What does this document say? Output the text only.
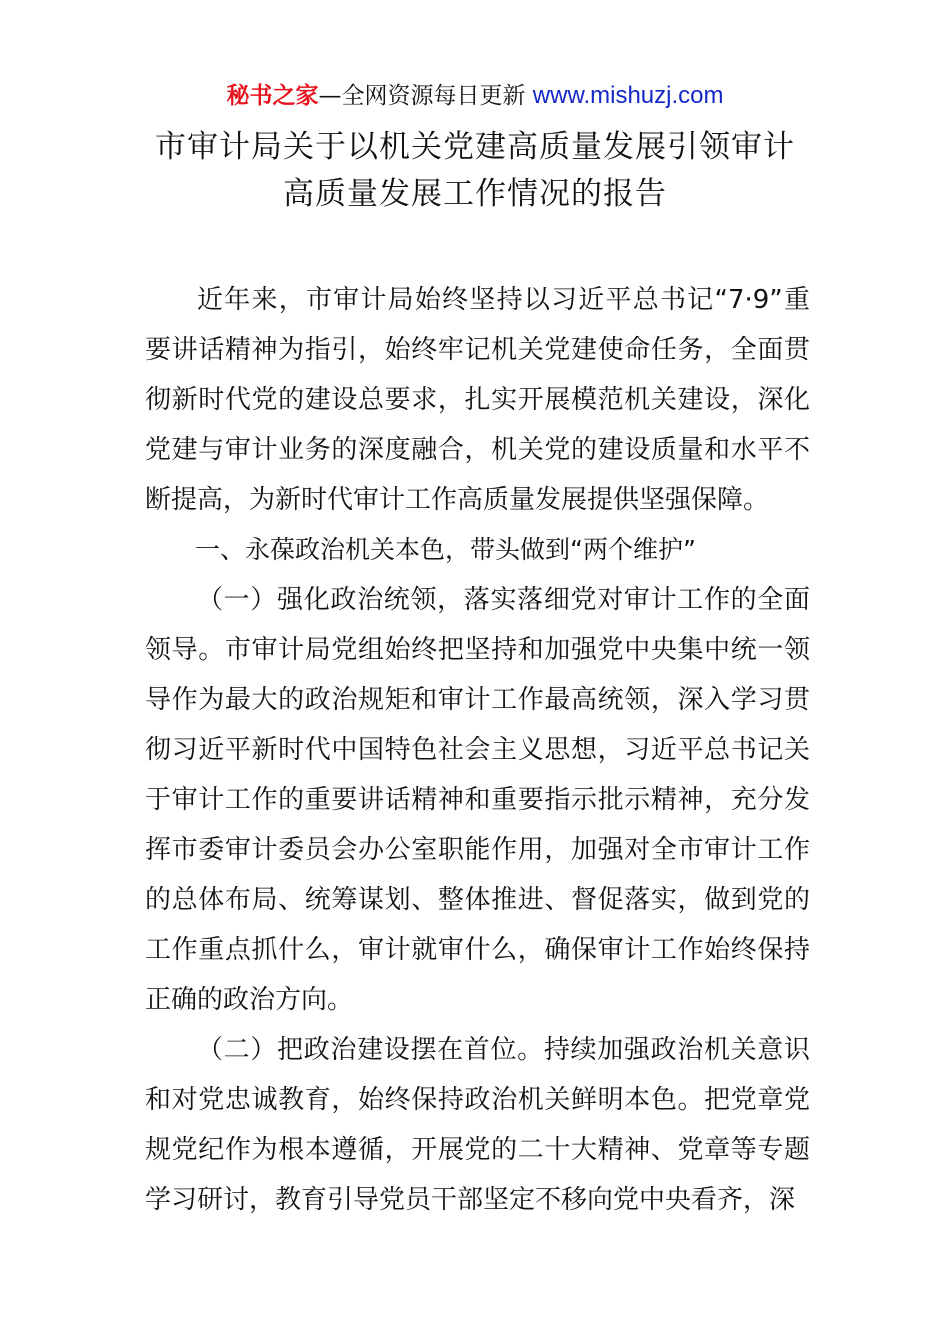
秘书之家—全网资源每日更新 www.mishuzj.com
市审计局关于以机关党建高质量发展引领审计
高质量发展工作情况的报告

近年来，市审计局始终坚持以习近平总书记“7·9”重要讲话精神为指引，始终牢记机关党建使命任务，全面贯彻新时代党的建设总要求，扎实开展模范机关建设，深化党建与审计业务的深度融合，机关党的建设质量和水平不断提高，为新时代审计工作高质量发展提供坚强保障。

一、永葆政治机关本色，带头做到“两个维护”

（一）强化政治统领，落实落细党对审计工作的全面领导。市审计局党组始终把坚持和加强党中央集中统一领导作为最大的政治规矩和审计工作最高统领，深入学习贯彻习近平新时代中国特色社会主义思想，习近平总书记关于审计工作的重要讲话精神和重要指示批示精神，充分发挥市委审计委员会办公室职能作用，加强对全市审计工作的总体布局、统筹谋划、整体推进、督促落实，做到党的工作重点抓什么，审计就审什么，确保审计工作始终保持正确的政治方向。

（二）把政治建设摆在首位。持续加强政治机关意识和对党忠诚教育，始终保持政治机关鲜明本色。把党章党规党纪作为根本遵循，开展党的二十大精神、党章等专题学习研讨，教育引导党员干部坚定不移向党中央看齐，深
